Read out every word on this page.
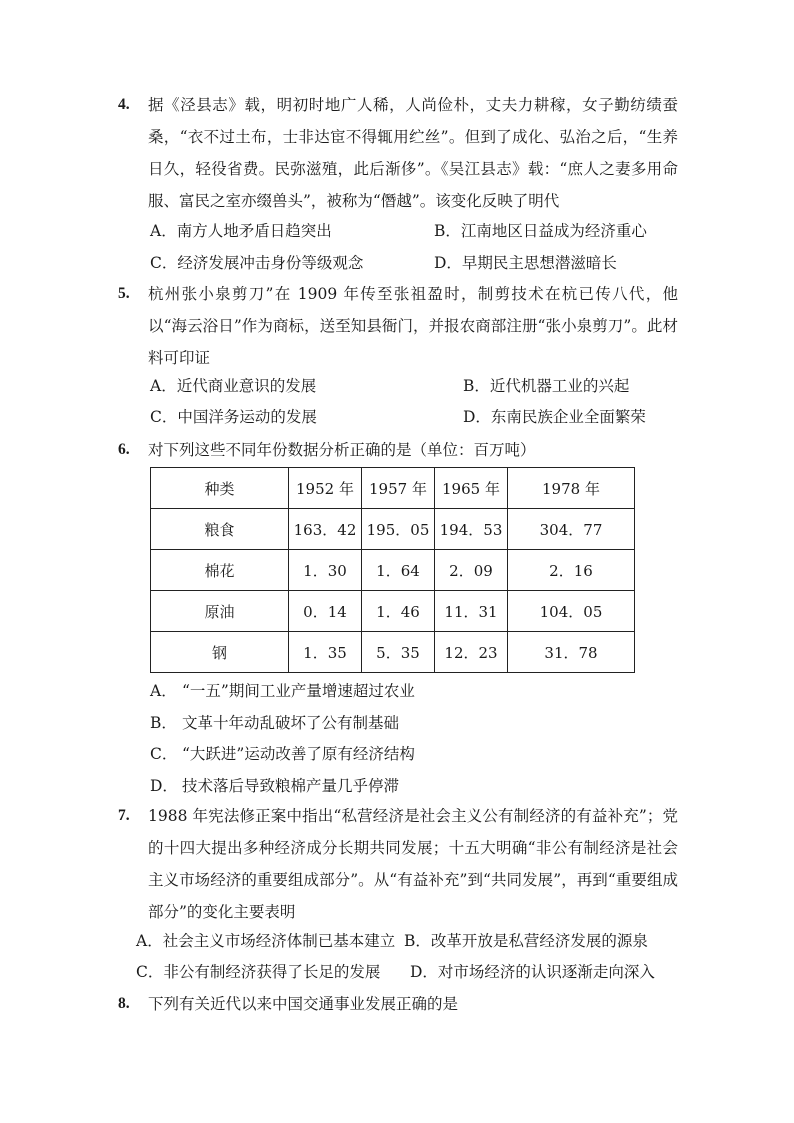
4.	据《泾县志》载，明初时地广人稀，人尚俭朴，丈夫力耕稼，女子勤纺绩蚕桑，“衣不过土布，士非达宦不得辄用纻丝”。但到了成化、弘治之后，“生养日久，轻役省费。民弥滋殖，此后渐侈”。《吴江县志》载：“庶人之妻多用命服、富民之室亦缀兽头”，被称为“僭越”。该变化反映了明代
A．南方人地矛盾日趋突出	B．江南地区日益成为经济重心
C．经济发展冲击身份等级观念	D．早期民主思想潜滋暗长
5.	杭州张小泉剪刀”在 1909 年传至张祖盈时，制剪技术在杭已传八代，他以“海云浴日”作为商标，送至知县衙门，并报农商部注册“张小泉剪刀”。此材料可印证
A．近代商业意识的发展	B．近代机器工业的兴起
C．中国洋务运动的发展	D．东南民族企业全面繁荣
6.	对下列这些不同年份数据分析正确的是（单位：百万吨）
种类	1952 年	1957 年	1965 年	1978 年
粮食	163．42	195．05	194．53	304．77
棉花	1．30	1．64	2．09	2．16
原油	0．14	1．46	11．31	104．05
钢	1．35	5．35	12．23	31．78
A． “一五”期间工业产量增速超过农业
B． 文革十年动乱破坏了公有制基础
C． “大跃进”运动改善了原有经济结构
D． 技术落后导致粮棉产量几乎停滞
7.	1988 年宪法修正案中指出“私营经济是社会主义公有制经济的有益补充”；党的十四大提出多种经济成分长期共同发展；十五大明确“非公有制经济是社会主义市场经济的重要组成部分”。从“有益补充”到“共同发展”，再到“重要组成部分”的变化主要表明
A．社会主义市场经济体制已基本建立 B．改革开放是私营经济发展的源泉
C．非公有制经济获得了长足的发展 D．对市场经济的认识逐渐走向深入
8.	下列有关近代以来中国交通事业发展正确的是
